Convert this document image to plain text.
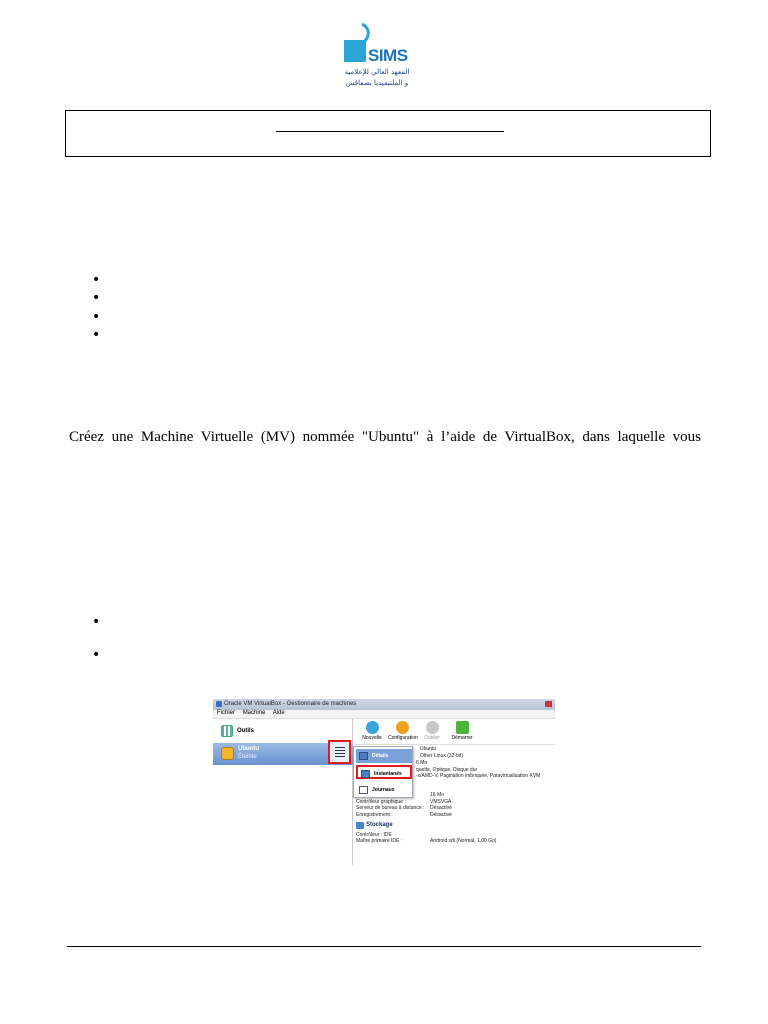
SIMS
المعهد العالي للإعلامية
و الملتيميديا بصفاقس

Créez une Machine Virtuelle (MV) nommée "Ubuntu" à l’aide de VirtualBox, dans laquelle vous

Oracle VM VirtualBox - Gestionnaire de machines
Fichier Machine Aide
Outils
Ubuntu
Éteinte
Nouvelle	Configuration	Oublier	Démarrer
Détails
Instantanés
Journaux
Ubuntu
Other Linux (32-bit)
6 Mo
quette, Optique, Disque dur
-x/AMD-V, Pagination imbriquée, Paravirtualisation KVM
16 Mo
Contrôleur graphique :	VMSVGA
Serveur de bureau à distance : Désactivé
Enregistrement :	Désactivé
Stockage
Contrôleur : IDE
Maître primaire IDE :	Android.vdi (Normal, 1,00 Go)
